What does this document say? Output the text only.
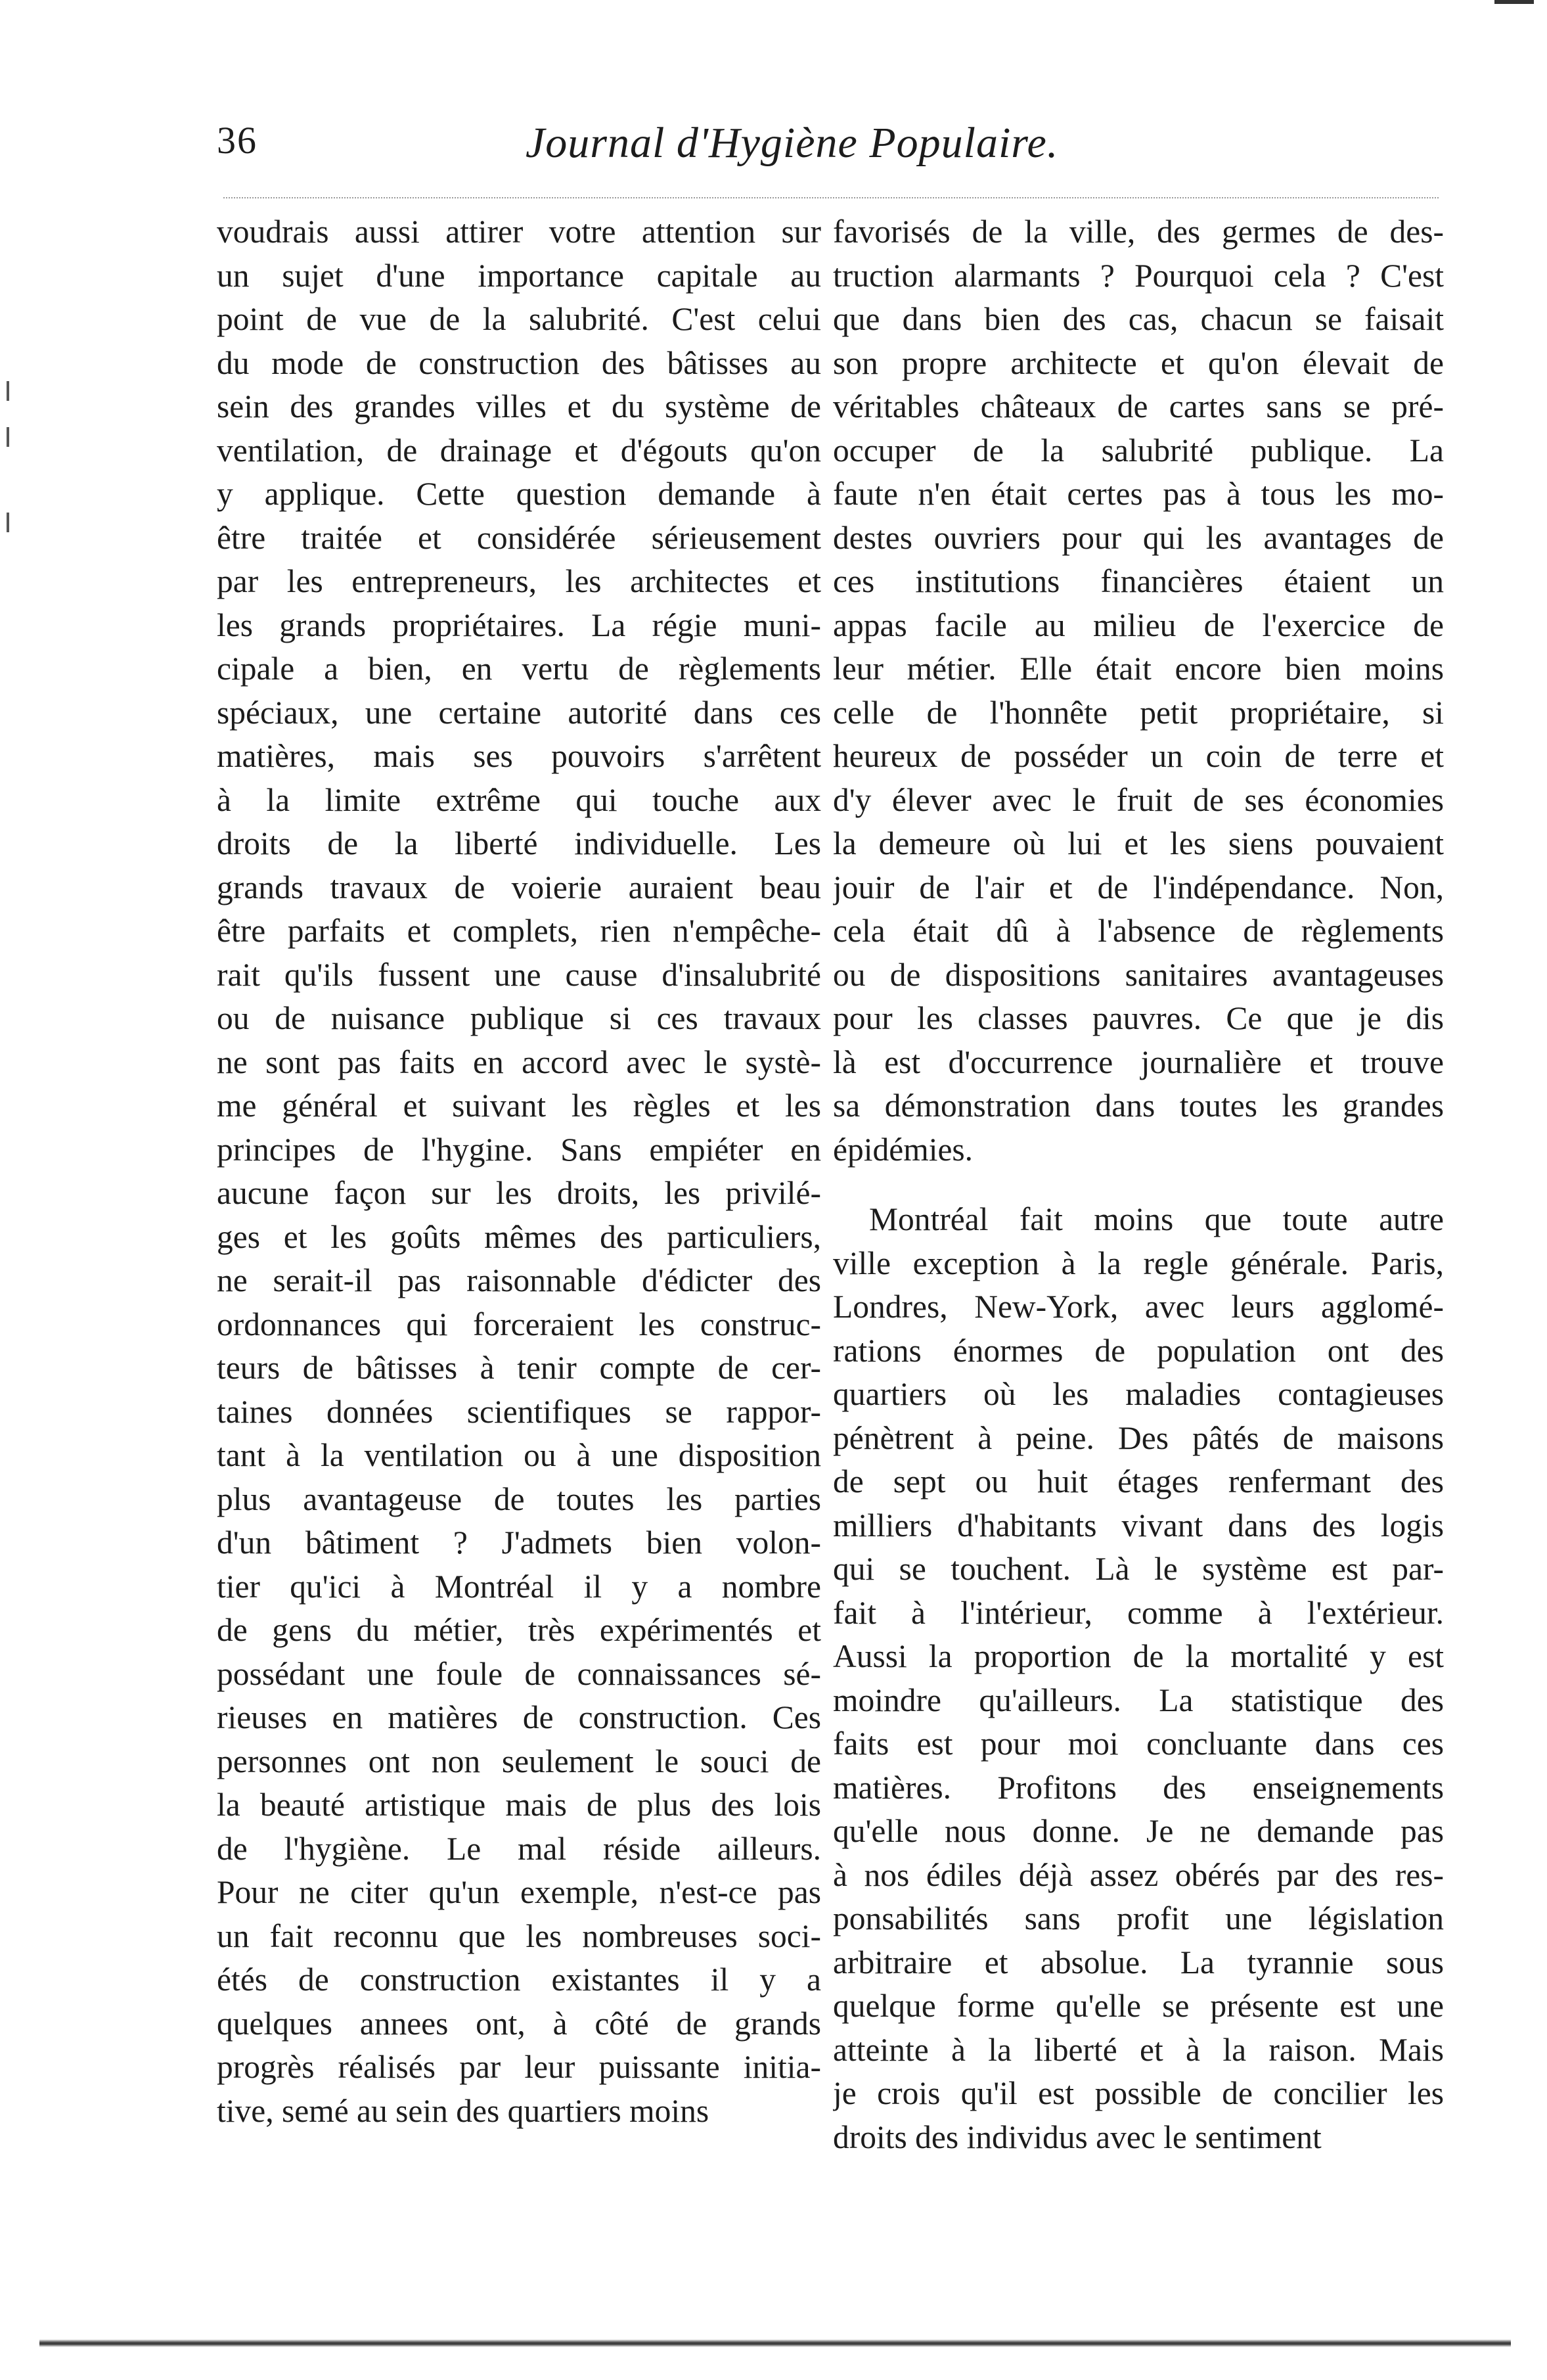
36	Journal d'Hygiène Populaire.
voudrais aussi attirer votre attention sur
un sujet d'une importance capitale au
point de vue de la salubrité. C'est celui
du mode de construction des bâtisses au
sein des grandes villes et du système de
ventilation, de drainage et d'égouts qu'on
y applique. Cette question demande à
être traitée et considérée sérieusement
par les entrepreneurs, les architectes et
les grands propriétaires. La régie muni-
cipale a bien, en vertu de règlements
spéciaux, une certaine autorité dans ces
matières, mais ses pouvoirs s'arrêtent
à la limite extrême qui touche aux
droits de la liberté individuelle. Les
grands travaux de voierie auraient beau
être parfaits et complets, rien n'empêche-
rait qu'ils fussent une cause d'insalubrité
ou de nuisance publique si ces travaux
ne sont pas faits en accord avec le systè-
me général et suivant les règles et les
principes de l'hygine. Sans empiéter en
aucune façon sur les droits, les privilé-
ges et les goûts mêmes des particuliers,
ne serait-il pas raisonnable d'édicter des
ordonnances qui forceraient les construc-
teurs de bâtisses à tenir compte de cer-
taines données scientifiques se rappor-
tant à la ventilation ou à une disposition
plus avantageuse de toutes les parties
d'un bâtiment ? J'admets bien volon-
tier qu'ici à Montréal il y a nombre
de gens du métier, très expérimentés et
possédant une foule de connaissances sé-
rieuses en matières de construction. Ces
personnes ont non seulement le souci de
la beauté artistique mais de plus des lois
de l'hygiène. Le mal réside ailleurs.
Pour ne citer qu'un exemple, n'est-ce pas
un fait reconnu que les nombreuses soci-
étés de construction existantes il y a
quelques annees ont, à côté de grands
progrès réalisés par leur puissante initia-
tive, semé au sein des quartiers moins
favorisés de la ville, des germes de des-
truction alarmants ? Pourquoi cela ? C'est
que dans bien des cas, chacun se faisait
son propre architecte et qu'on élevait de
véritables châteaux de cartes sans se pré-
occuper de la salubrité publique. La
faute n'en était certes pas à tous les mo-
destes ouvriers pour qui les avantages de
ces institutions financières étaient un
appas facile au milieu de l'exercice de
leur métier. Elle était encore bien moins
celle de l'honnête petit propriétaire, si
heureux de posséder un coin de terre et
d'y élever avec le fruit de ses économies
la demeure où lui et les siens pouvaient
jouir de l'air et de l'indépendance. Non,
cela était dû à l'absence de règlements
ou de dispositions sanitaires avantageuses
pour les classes pauvres. Ce que je dis
là est d'occurrence journalière et trouve
sa démonstration dans toutes les grandes
épidémies.
Montréal fait moins que toute autre
ville exception à la regle générale. Paris,
Londres, New-York, avec leurs agglomé-
rations énormes de population ont des
quartiers où les maladies contagieuses
pénètrent à peine. Des pâtés de maisons
de sept ou huit étages renfermant des
milliers d'habitants vivant dans des logis
qui se touchent. Là le système est par-
fait à l'intérieur, comme à l'extérieur.
Aussi la proportion de la mortalité y est
moindre qu'ailleurs. La statistique des
faits est pour moi concluante dans ces
matières. Profitons des enseignements
qu'elle nous donne. Je ne demande pas
à nos édiles déjà assez obérés par des res-
ponsabilités sans profit une législation
arbitraire et absolue. La tyrannie sous
quelque forme qu'elle se présente est une
atteinte à la liberté et à la raison. Mais
je crois qu'il est possible de concilier les
droits des individus avec le sentiment
